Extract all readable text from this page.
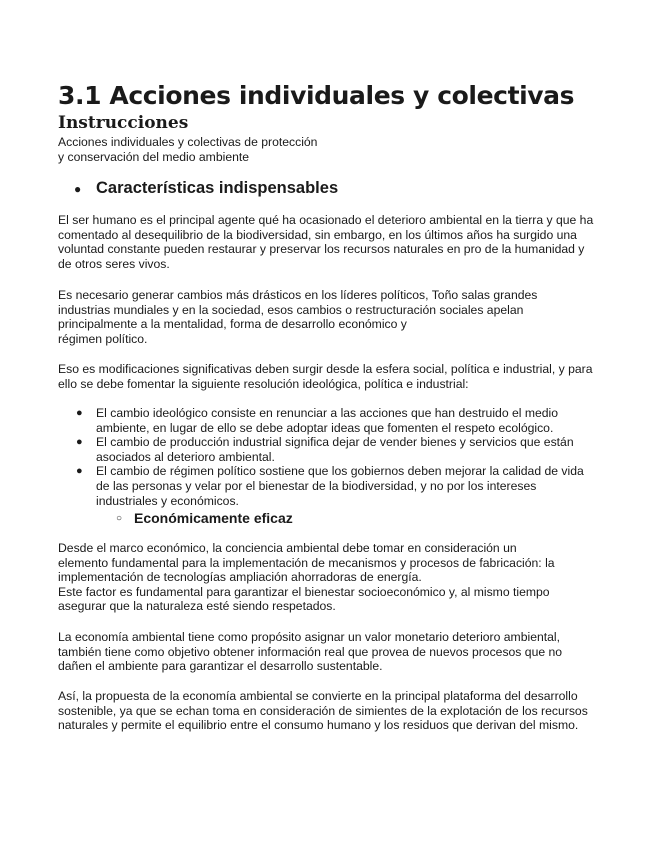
3.1 Acciones individuales y colectivas
Instrucciones
Acciones individuales y colectivas de protección
y conservación del medio ambiente
● Características indispensables

El ser humano es el principal agente qué ha ocasionado el deterioro ambiental en la tierra y que ha comentado al desequilibrio de la biodiversidad, sin embargo, en los últimos años ha surgido una voluntad constante pueden restaurar y preservar los recursos naturales en pro de la humanidad y de otros seres vivos.

Es necesario generar cambios más drásticos en los líderes políticos, Toño salas grandes
industrias mundiales y en la sociedad, esos cambios o restructuración sociales apelan
principalmente a la mentalidad, forma de desarrollo económico y
régimen político.

Eso es modificaciones significativas deben surgir desde la esfera social, política e industrial, y para ello se debe fomentar la siguiente resolución ideológica, política e industrial:

● El cambio ideológico consiste en renunciar a las acciones que han destruido el medio ambiente, en lugar de ello se debe adoptar ideas que fomenten el respeto ecológico.
● El cambio de producción industrial significa dejar de vender bienes y servicios que están asociados al deterioro ambiental.
● El cambio de régimen político sostiene que los gobiernos deben mejorar la calidad de vida de las personas y velar por el bienestar de la biodiversidad, y no por los intereses industriales y económicos.
○ Económicamente eficaz

Desde el marco económico, la conciencia ambiental debe tomar en consideración un
elemento fundamental para la implementación de mecanismos y procesos de fabricación: la
implementación de tecnologías ampliación ahorradoras de energía.
Este factor es fundamental para garantizar el bienestar socioeconómico y, al mismo tiempo
asegurar que la naturaleza esté siendo respetados.

La economía ambiental tiene como propósito asignar un valor monetario deterioro ambiental, también tiene como objetivo obtener información real que provea de nuevos procesos que no dañen el ambiente para garantizar el desarrollo sustentable.

Así, la propuesta de la economía ambiental se convierte en la principal plataforma del desarrollo sostenible, ya que se echan toma en consideración de simientes de la explotación de los recursos naturales y permite el equilibrio entre el consumo humano y los residuos que derivan del mismo.
